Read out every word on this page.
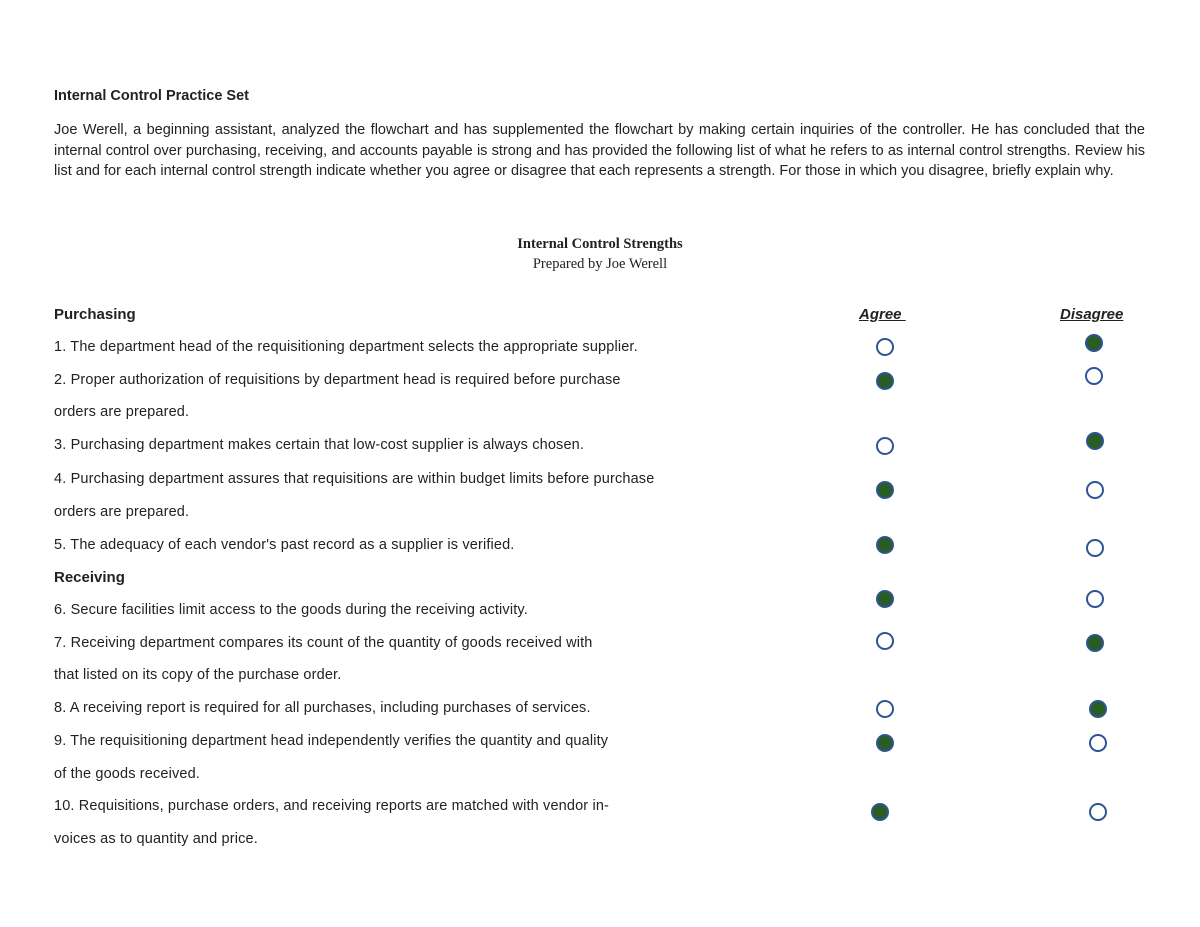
Internal Control Practice Set

Joe Werell, a beginning assistant, analyzed the flowchart and has supplemented the flowchart by making certain inquiries of the controller. He has concluded that the internal control over purchasing, receiving, and accounts payable is strong and has provided the following list of what he refers to as internal control strengths. Review his list and for each internal control strength indicate whether you agree or disagree that each represents a strength. For those in which you disagree, briefly explain why.

Internal Control Strengths
Prepared by Joe Werell
Purchasing	Agree	Disagree
Receiving
1. The department head of the requisitioning department selects the appropriate supplier.
2. Proper authorization of requisitions by department head is required before purchase
orders are prepared.
3. Purchasing department makes certain that low-cost supplier is always chosen.
4. Purchasing department assures that requisitions are within budget limits before purchase
orders are prepared.
5. The adequacy of each vendor's past record as a supplier is verified.
6. Secure facilities limit access to the goods during the receiving activity.
7. Receiving department compares its count of the quantity of goods received with
that listed on its copy of the purchase order.
8. A receiving report is required for all purchases, including purchases of services.
9. The requisitioning department head independently verifies the quantity and quality
of the goods received.
10. Requisitions, purchase orders, and receiving reports are matched with vendor in-
voices as to quantity and price.
